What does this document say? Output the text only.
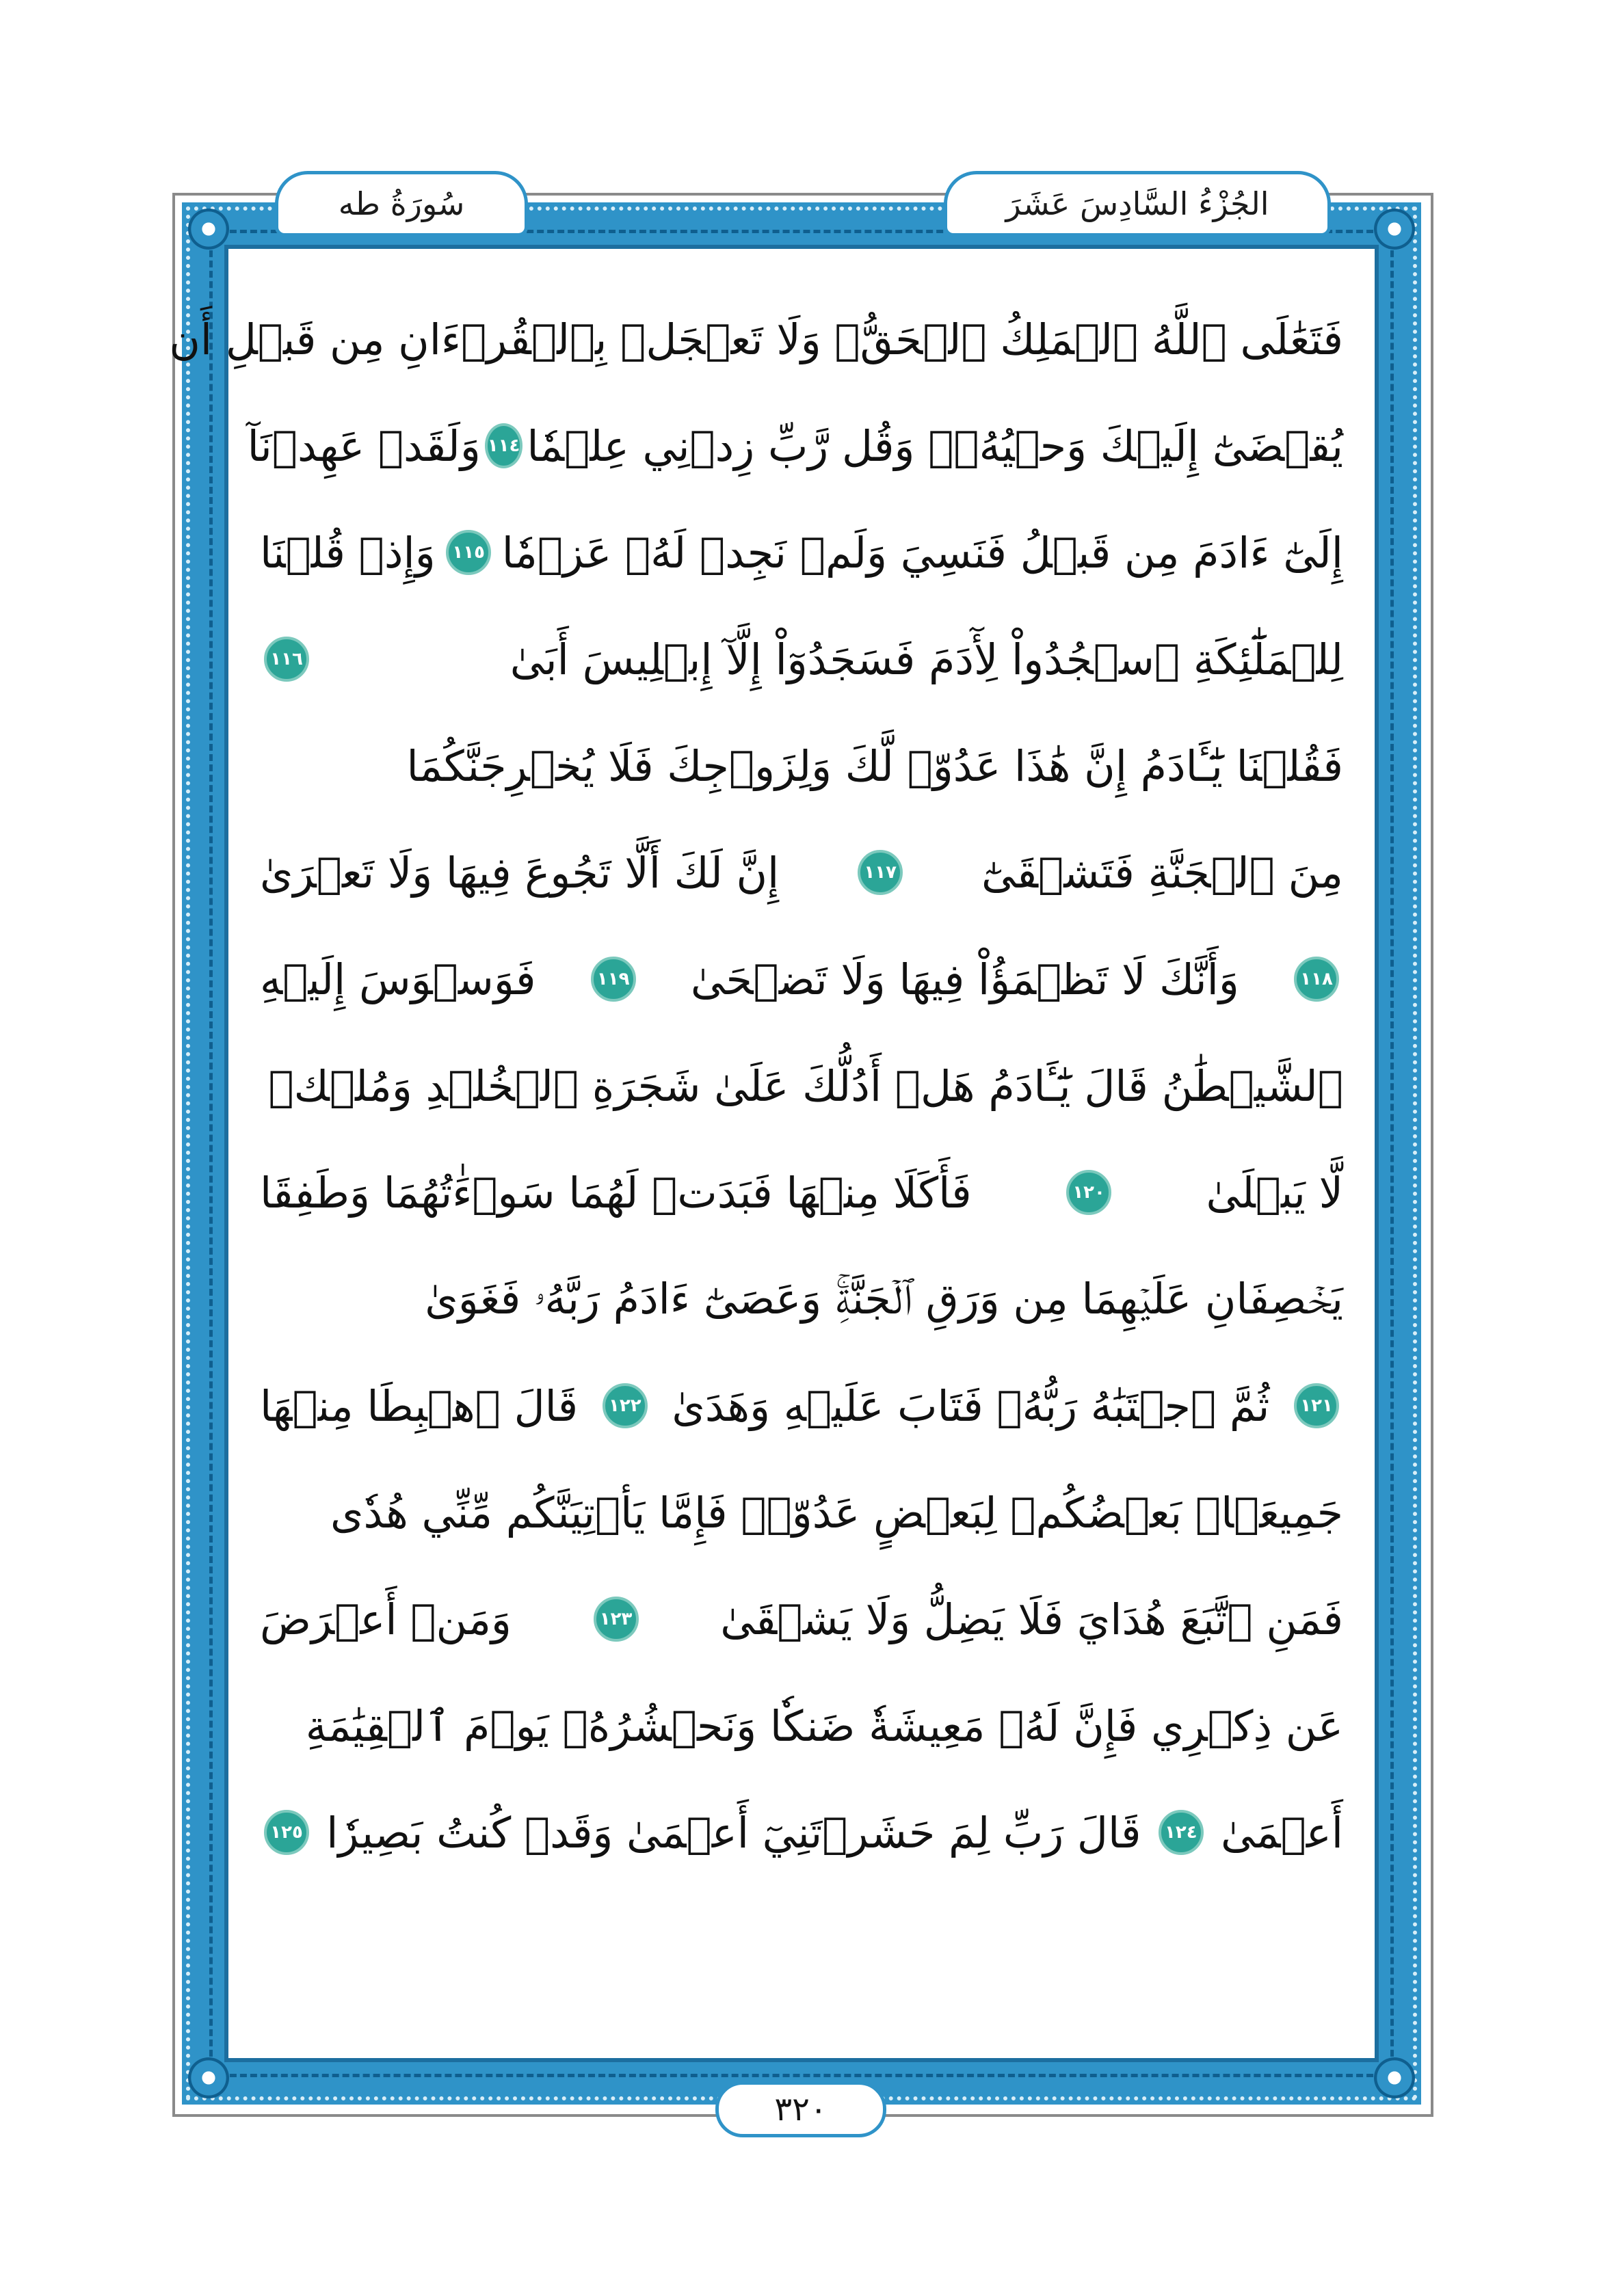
سُورَةُ طه	الجُزْءُ السَّادِسَ عَشَرَ
فَتَعَٰلَى ٱللَّهُ ٱلۡمَلِكُ ٱلۡحَقُّۗ وَلَا تَعۡجَلۡ بِٱلۡقُرۡءَانِ مِن قَبۡلِ أَن
يُقۡضَىٰٓ إِلَيۡكَ وَحۡيُهُۥۖ وَقُل رَّبِّ زِدۡنِي عِلۡمٗا
١١٤
وَلَقَدۡ عَهِدۡنَآ
إِلَىٰٓ ءَادَمَ مِن قَبۡلُ فَنَسِيَ وَلَمۡ نَجِدۡ لَهُۥ عَزۡمٗا
١١٥
وَإِذۡ قُلۡنَا
لِلۡمَلَٰٓئِكَةِ ٱسۡجُدُواْ لِأٓدَمَ فَسَجَدُوٓاْ إِلَّآ إِبۡلِيسَ أَبَىٰ
١١٦
فَقُلۡنَا يَٰٓـَٔادَمُ إِنَّ هَٰذَا عَدُوّٞ لَّكَ وَلِزَوۡجِكَ فَلَا يُخۡرِجَنَّكُمَا
مِنَ ٱلۡجَنَّةِ فَتَشۡقَىٰٓ
١١٧
إِنَّ لَكَ أَلَّا تَجُوعَ فِيهَا وَلَا تَعۡرَىٰ
١١٨
وَأَنَّكَ لَا تَظۡمَؤُاْ فِيهَا وَلَا تَضۡحَىٰ
١١٩
فَوَسۡوَسَ إِلَيۡهِ
ٱلشَّيۡطَٰنُ قَالَ يَٰٓـَٔادَمُ هَلۡ أَدُلُّكَ عَلَىٰ شَجَرَةِ ٱلۡخُلۡدِ وَمُلۡكٖ
لَّا يَبۡلَىٰ
١٢٠
فَأَكَلَا مِنۡهَا فَبَدَتۡ لَهُمَا سَوۡءَٰتُهُمَا وَطَفِقَا
يَخۡصِفَانِ عَلَيۡهِمَا مِن وَرَقِ ٱلۡجَنَّةِۚ وَعَصَىٰٓ ءَادَمُ رَبَّهُۥ فَغَوَىٰ
١٢١
ثُمَّ ٱجۡتَبَٰهُ رَبُّهُۥ فَتَابَ عَلَيۡهِ وَهَدَىٰ
١٢٢
قَالَ ٱهۡبِطَا مِنۡهَا
جَمِيعَۢاۖ بَعۡضُكُمۡ لِبَعۡضٍ عَدُوّٞۖ فَإِمَّا يَأۡتِيَنَّكُم مِّنِّي هُدٗى
فَمَنِ ٱتَّبَعَ هُدَايَ فَلَا يَضِلُّ وَلَا يَشۡقَىٰ
١٢٣
وَمَنۡ أَعۡرَضَ
عَن ذِكۡرِي فَإِنَّ لَهُۥ مَعِيشَةٗ ضَنكٗا وَنَحۡشُرُهُۥ يَوۡمَ ٱلۡقِيَٰمَةِ
أَعۡمَىٰ
١٢٤
قَالَ رَبِّ لِمَ حَشَرۡتَنِيٓ أَعۡمَىٰ وَقَدۡ كُنتُ بَصِيرٗا
١٢٥
٣٢٠
